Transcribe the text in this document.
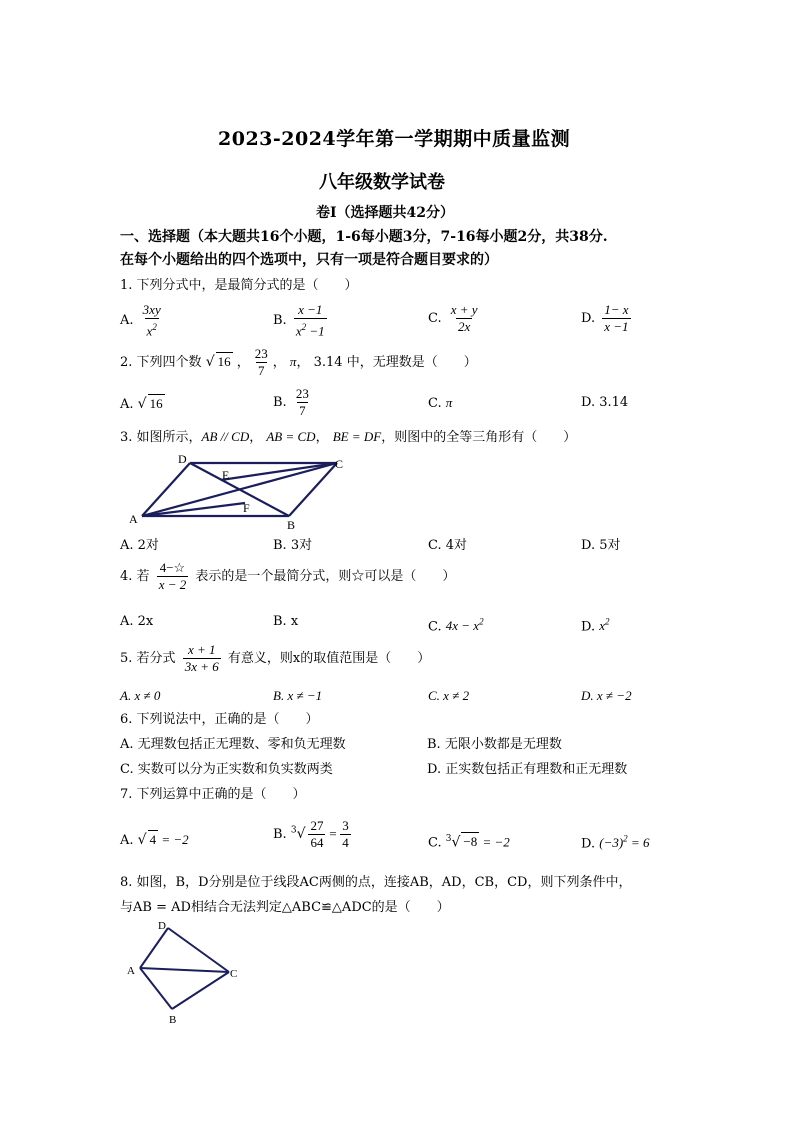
2023-2024学年第一学期期中质量监测
八年级数学试卷
卷Ⅰ（选择题共42分）
一、选择题（本大题共16个小题，1-6每小题3分，7-16每小题2分，共38分.
在每个小题给出的四个选项中，只有一项是符合题目要求的）
1. 下列分式中，是最简分式的是（　　）
A. $\frac{3xy}{x^2}$	B. $\frac{x -1}{x^2 -1}$	C. $\frac{x + y}{2x}$	D. $\frac{1- x}{x -1}$
2. 下列四个数 √ 16 ， $\frac{23}{7}$ ， π， 3.14 中，无理数是（　　）
A. √ 16	B. $\frac{23}{7}$	C. π	D. 3.14
3. 如图所示，AB // CD， AB = CD， BE = DF，则图中的全等三角形有（　　）
D	C
E
F
A	B
A. 2对	B. 3对	C. 4对	D. 5对
4. 若 $\frac{4-☆}{x - 2}$ 表示的是一个最简分式，则☆可以是（　　）
A. 2x	B. x	C. $4x - x^2$	D. $x^2$
5. 若分式 $\frac{x + 1}{3x + 6}$ 有意义，则x的取值范围是（　　）
A. x ≠ 0	B. x ≠ −1	C. x ≠ 2	D. x ≠ −2
6. 下列说法中，正确的是（　　）
A. 无理数包括正无理数、零和负无理数	B. 无限小数都是无理数
C. 实数可以分为正实数和负实数两类	D. 正实数包括正有理数和正无理数
7. 下列运算中正确的是（　　）
A. √ 4 = −2	B. $^3√ \frac{27}{64} = \frac{3}{4}$	C. $^3$√ −8 = −2	D. $(-3)^2 = 6$
8. 如图，B，D分别是位于线段AC两侧的点，连接AB，AD，CB，CD，则下列条件中，
与AB = AD相结合无法判定△ABC≌△ADC的是（　　）
D
A	C
B
